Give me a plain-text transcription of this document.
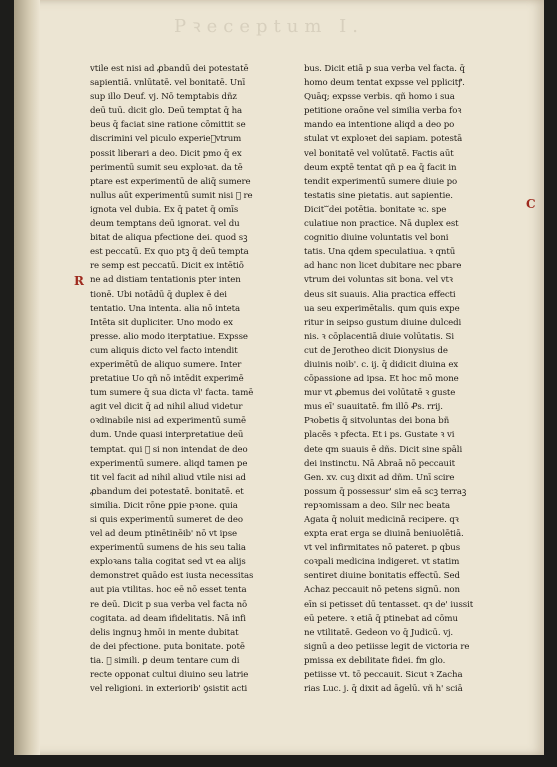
Pꝛeceptum I.
vtile est nisi ad ꝓbandū dei potestatē
sapientiā. vnlūtatē. vel bonitatē. Unī
sup illo Deuf. vj. Nō temptabis dñz
deū tuū. dicit glo. Deū temptat q̄ ha
beus q̄ faciat sine ratione cōmittit se
discrimini vel piculo experieᷓvtrum
possit liberari a deo. Dicit pmo q̄ ex
perimentū sumit seu exploꝛat. da tē
ptare est experimentū de aliq̄ sumere
nullus aūt experimentū sumit nisi ᷓ re
ignota vel dubia. Ex q̄ patet q̄ omīs
deum temptans deū ignorat. vel du
bitat de aliqua pfectione dei. quod sꝫ
est peccatū. Ex quo ptꝫ q̄ deū tempta
re semp est peccatū. Dicit ex intētiō
ne ad distiam tentationis pter inten
tionē. Ubi notādū q̄ duplex ē dei
tentatio. Una intenta. alia nō inteta
Intēta sit dupliciter. Uno modo ex
presse. alio modo iterptatiue. Expsse
cum aliquis dicto vel facto intendit
experimētū de aliquo sumere. Inter
pretatiue Uo qñ nō intēdit experimē
tum sumere q̄ sua dicta vl' facta. tamē
agit vel dicit q̄ ad nihil aliud videtur
oꝛdinabile nisi ad experimentū sumē
dum. Unde quasi interpretatiue deū
temptat. qui ᷓ si non intendat de deo
experimentū sumere. aliqd tamen pe
tit vel facit ad nihil aliud vtile nisi ad
ꝓbandum dei potestatē. bonitatē. et
similia. Dicit rōne ꝑpie pꝛone. quia
si quis experimentū sumeret de deo
vel ad deum ptinētinēib' nō vt ipse
experimentū sumens de his seu talia
exploꝛans talia cogitat sed vt ea alijs
demonstret quādo est iusta necessitas
aut pia vtilitas. hoc eē nō esset tenta
re deū. Dicit p sua verba vel facta nō
cogitata. ad deam ifidelitatis. Nā infi
delis ingnuꝫ hmōi in mente dubitat
de dei pfectione. puta bonitate. potē
tia. ᷓ simili. ꝑ deum tentare cum di
recte opponat cultui diuino seu latrie
vel religioni. in exteriorib' ꝯsistit acti
bus. Dicit etiā p sua verba vel facta. q̄
homo deum tentat expsse vel pplicitꝭ.
Quāq; expsse verbis. qñ homo i sua
petitione oraōne vel similia verba foꝛ
mando ea intentione aliqd a deo po
stulat vt exploꝛet dei sapiam. potestā
vel bonitatē vel volūtatē. Factis aūt
deum exptē tentat qñ p ea q̄ facit in
tendit experimentū sumere diuie po
testatis sine pietatis. aut sapientie.
Dicit ᷓ dei potētia. bonitate ꝛc. spe
culatiue non practice. Nā duplex est
cognitio diuine voluntatis vel boni
tatis. Una qdem speculatiua. ꝛ qntū
ad hanc non licet dubitare nec pbare
vtrum dei voluntas sit bona. vel vtꝛ
deus sit suauis. Alia practica effecti
ua seu experimētalis. qum quis expe
ritur in seipso gustum diuine dulcedi
nis. ꝛ cōplacentiā diuie volūtatis. Si
cut de Jerotheo dicit Dionysius de
diuinis noib'. c. ij. q̄ didicit diuina ex
cōpassione ad ipsa. Et hoc mō mone
mur vt ꝓbemus dei volūtatē ꝛ guste
mus eī' suauitatē. fm illō Ꝓs. rrij.
Pꝛobetis q̄ sitvoluntas dei bona bñ
placēs ꝛ pfecta. Et i ps. Gustate ꝛ vi
dete qm suauis ē dñs. Dicit sine spāli
dei instinctu. Nā Abraā nō peccauit
Gen. xv. cuꝫ dixit ad dñm. Unī scire
possum q̄ possessur' sim eā scꝫ terraꝫ
repꝛomissam a deo. Silr nec beata
Agata q̄ noluit medicinā recipere. qꝛ
expta erat erga se diuinā beniuolētiā.
vt vel infirmitates nō pateret. p qbus
coꝛpali medicina indigeret. vt statim
sentiret diuine bonitatis effectū. Sed
Achaz peccauit nō petens signū. non
eīn si petisset dū tentasset. qꝛ de' iussit
eū petere. ꝛ etiā q̄ ptinebat ad cōmu
ne vtilitatē. Gedeon vo q̄ Judicū. vj.
signū a deo petiisse legit de victoria re
pmissa ex debilitate fidei. fm glo.
petiisse vt. tō peccauit. Sicut ꝛ Zacha
rias Luc. j. q̄ dixit ad āgelū. vñ h' sciā
R
C
